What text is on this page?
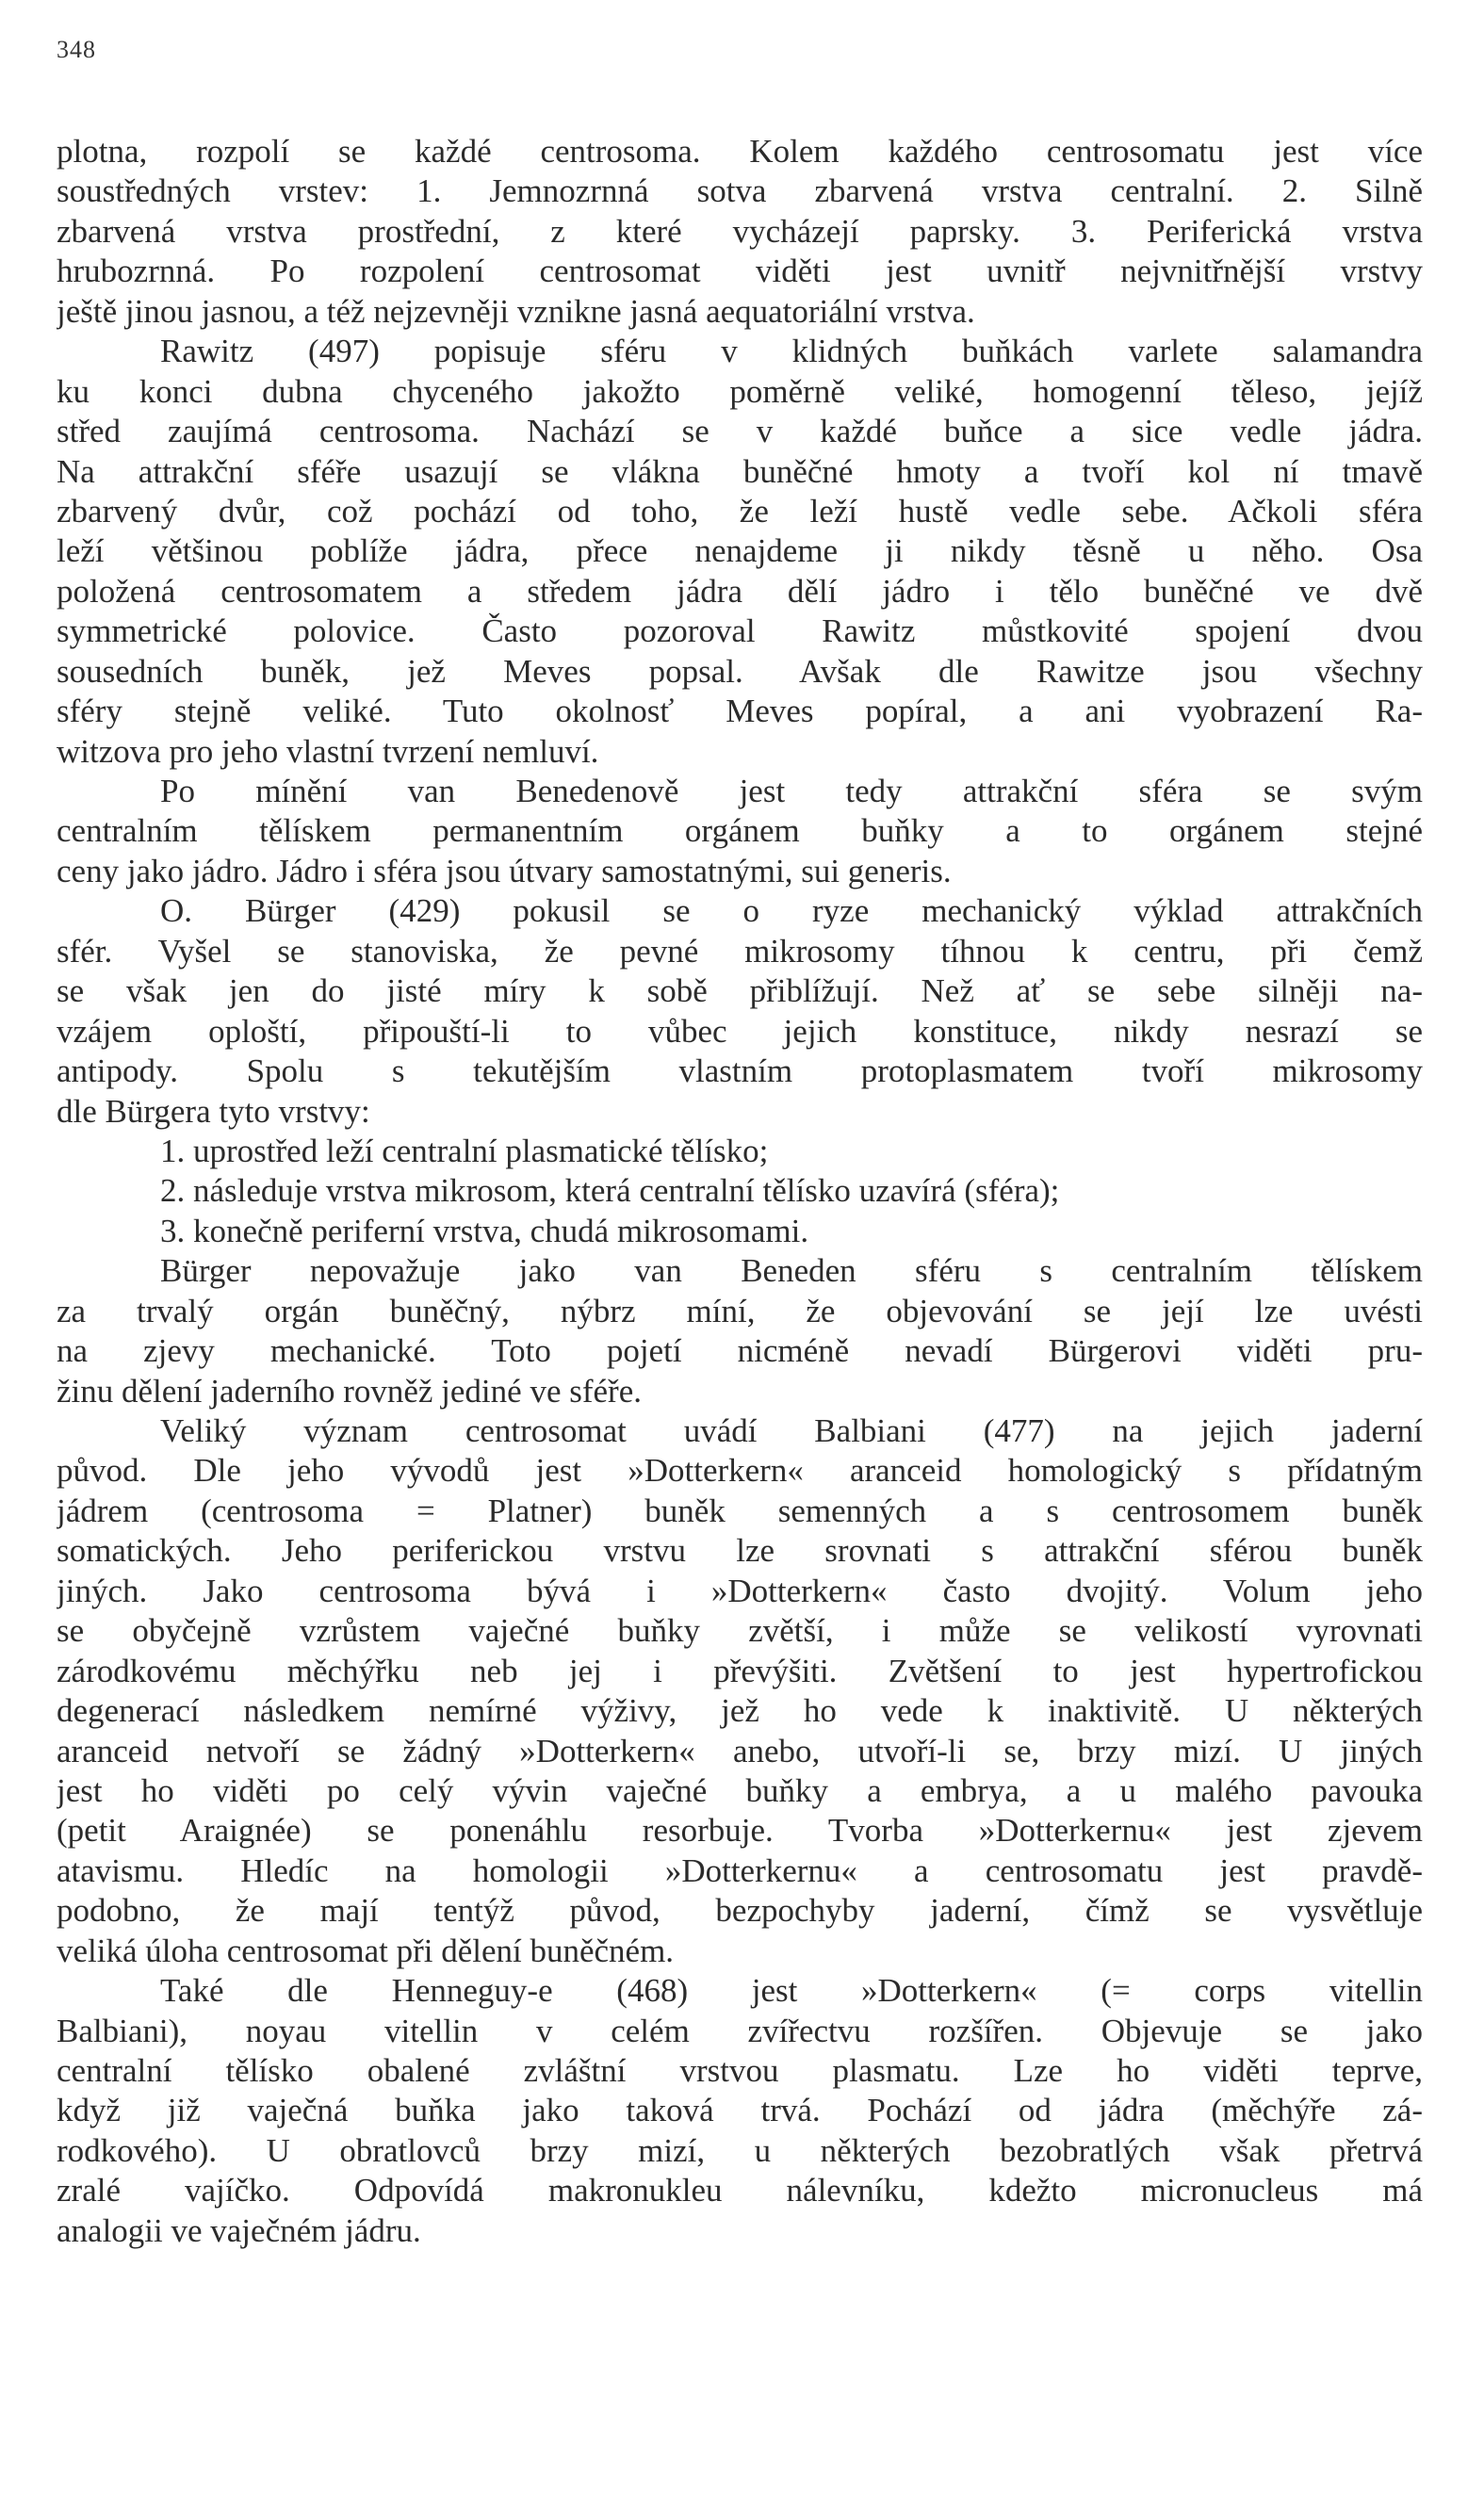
348
plotna, rozpolí se každé centrosoma. Kolem každého centrosomatu jest více
soustředných vrstev: 1. Jemnozrnná sotva zbarvená vrstva centralní. 2. Silně
zbarvená vrstva prostřední, z které vycházejí paprsky. 3. Periferická vrstva
hrubozrnná. Po rozpolení centrosomat viděti jest uvnitř nejvnitřnější vrstvy
ještě jinou jasnou, a též nejzevněji vznikne jasná aequatoriální vrstva.
Rawitz (497) popisuje sféru v klidných buňkách varlete salamandra
ku konci dubna chyceného jakožto poměrně veliké, homogenní těleso, jejíž
střed zaujímá centrosoma. Nachází se v každé buňce a sice vedle jádra.
Na attrakční sféře usazují se vlákna buněčné hmoty a tvoří kol ní tmavě
zbarvený dvůr, což pochází od toho, že leží hustě vedle sebe. Ačkoli sféra
leží většinou poblíže jádra, přece nenajdeme ji nikdy těsně u něho. Osa
položená centrosomatem a středem jádra dělí jádro i tělo buněčné ve dvě
symmetrické polovice. Často pozoroval Rawitz můstkovité spojení dvou
sousedních buněk, jež Meves popsal. Avšak dle Rawitze jsou všechny
sféry stejně veliké. Tuto okolnosť Meves popíral, a ani vyobrazení Ra-
witzova pro jeho vlastní tvrzení nemluví.
Po mínění van Benedenově jest tedy attrakční sféra se svým
centralním tělískem permanentním orgánem buňky a to orgánem stejné
ceny jako jádro. Jádro i sféra jsou útvary samostatnými, sui generis.
O. Bürger (429) pokusil se o ryze mechanický výklad attrakčních
sfér. Vyšel se stanoviska, že pevné mikrosomy tíhnou k centru, při čemž
se však jen do jisté míry k sobě přiblížují. Než ať se sebe silněji na-
vzájem oploští, připouští-li to vůbec jejich konstituce, nikdy nesrazí se
antipody. Spolu s tekutějším vlastním protoplasmatem tvoří mikrosomy
dle Bürgera tyto vrstvy:
1. uprostřed leží centralní plasmatické tělísko;
2. následuje vrstva mikrosom, která centralní tělísko uzavírá (sféra);
3. konečně periferní vrstva, chudá mikrosomami.
Bürger nepovažuje jako van Beneden sféru s centralním tělískem
za trvalý orgán buněčný, nýbrz míní, že objevování se její lze uvésti
na zjevy mechanické. Toto pojetí nicméně nevadí Bürgerovi viděti pru-
žinu dělení jaderního rovněž jediné ve sféře.
Veliký význam centrosomat uvádí Balbiani (477) na jejich jaderní
původ. Dle jeho vývodů jest »Dotterkern« aranceid homologický s přídatným
jádrem (centrosoma = Platner) buněk semenných a s centrosomem buněk
somatických. Jeho periferickou vrstvu lze srovnati s attrakční sférou buněk
jiných. Jako centrosoma bývá i »Dotterkern« často dvojitý. Volum jeho
se obyčejně vzrůstem vaječné buňky zvětší, i může se velikostí vyrovnati
zárodkovému měchýřku neb jej i převýšiti. Zvětšení to jest hypertrofickou
degenerací následkem nemírné výživy, jež ho vede k inaktivitě. U některých
aranceid netvoří se žádný »Dotterkern« anebo, utvoří-li se, brzy mizí. U jiných
jest ho viděti po celý vývin vaječné buňky a embrya, a u malého pavouka
(petit Araignée) se ponenáhlu resorbuje. Tvorba »Dotterkernu« jest zjevem
atavismu. Hledíc na homologii »Dotterkernu« a centrosomatu jest pravdě-
podobno, že mají tentýž původ, bezpochyby jaderní, čímž se vysvětluje
veliká úloha centrosomat při dělení buněčném.
Také dle Henneguy-e (468) jest »Dotterkern« (= corps vitellin
Balbiani), noyau vitellin v celém zvířectvu rozšířen. Objevuje se jako
centralní tělísko obalené zvláštní vrstvou plasmatu. Lze ho viděti teprve,
když již vaječná buňka jako taková trvá. Pochází od jádra (měchýře zá-
rodkového). U obratlovců brzy mizí, u některých bezobratlých však přetrvá
zralé vajíčko. Odpovídá makronukleu nálevníku, kdežto micronucleus má
analogii ve vaječném jádru.
